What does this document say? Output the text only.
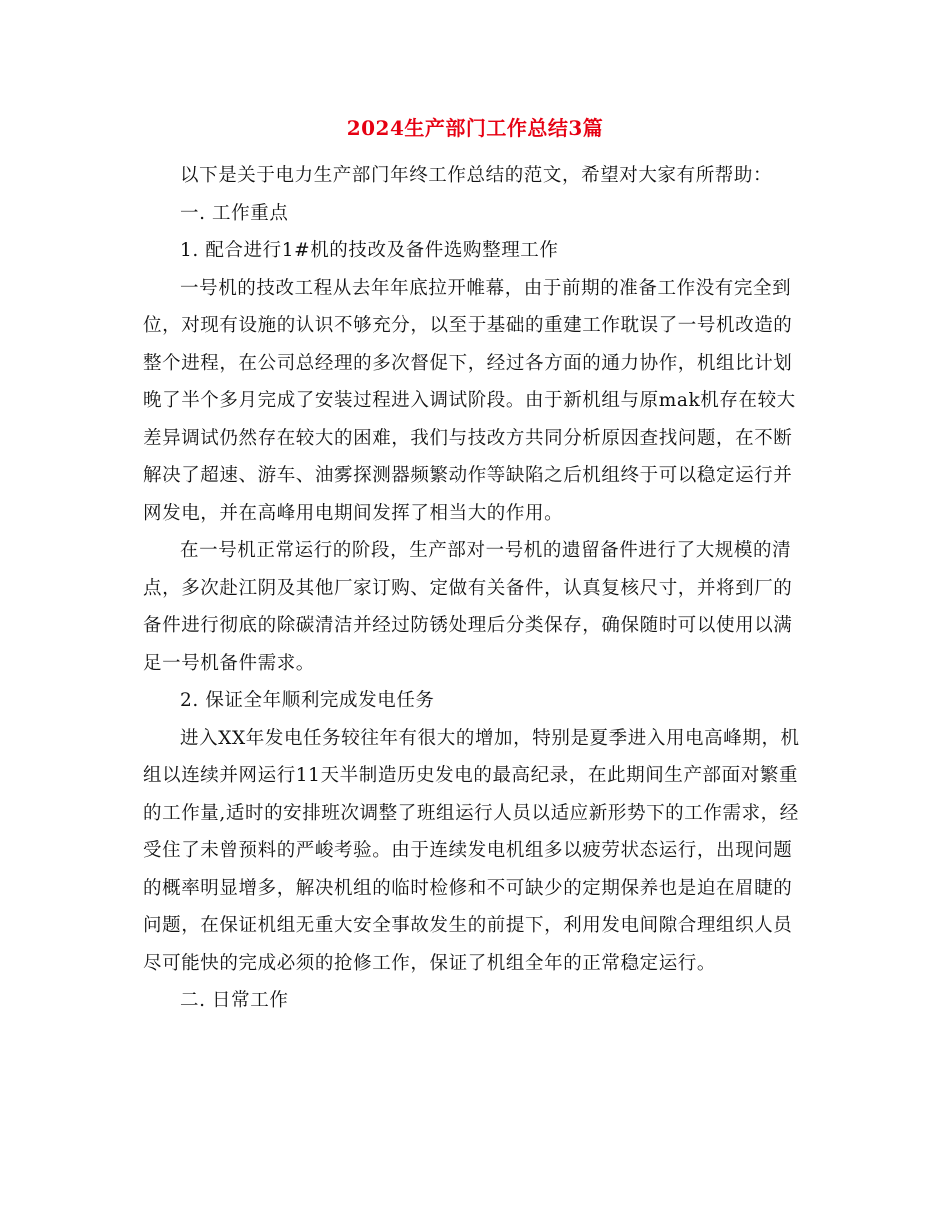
2024生产部门工作总结3篇

以下是关于电力生产部门年终工作总结的范文，希望对大家有所帮助：

一. 工作重点

1. 配合进行1#机的技改及备件选购整理工作

一号机的技改工程从去年年底拉开帷幕，由于前期的准备工作没有完全到位，对现有设施的认识不够充分，以至于基础的重建工作耽误了一号机改造的整个进程，在公司总经理的多次督促下，经过各方面的通力协作，机组比计划晚了半个多月完成了安装过程进入调试阶段。由于新机组与原mak机存在较大差异调试仍然存在较大的困难，我们与技改方共同分析原因查找问题，在不断解决了超速、游车、油雾探测器频繁动作等缺陷之后机组终于可以稳定运行并网发电，并在高峰用电期间发挥了相当大的作用。

在一号机正常运行的阶段，生产部对一号机的遗留备件进行了大规模的清点，多次赴江阴及其他厂家订购、定做有关备件，认真复核尺寸，并将到厂的备件进行彻底的除碳清洁并经过防锈处理后分类保存，确保随时可以使用以满足一号机备件需求。

2. 保证全年顺利完成发电任务

进入XX年发电任务较往年有很大的增加，特别是夏季进入用电高峰期，机组以连续并网运行11天半制造历史发电的最高纪录，在此期间生产部面对繁重的工作量,适时的安排班次调整了班组运行人员以适应新形势下的工作需求，经受住了未曾预料的严峻考验。由于连续发电机组多以疲劳状态运行，出现问题的概率明显增多，解决机组的临时检修和不可缺少的定期保养也是迫在眉睫的问题，在保证机组无重大安全事故发生的前提下，利用发电间隙合理组织人员尽可能快的完成必须的抢修工作，保证了机组全年的正常稳定运行。

二. 日常工作
